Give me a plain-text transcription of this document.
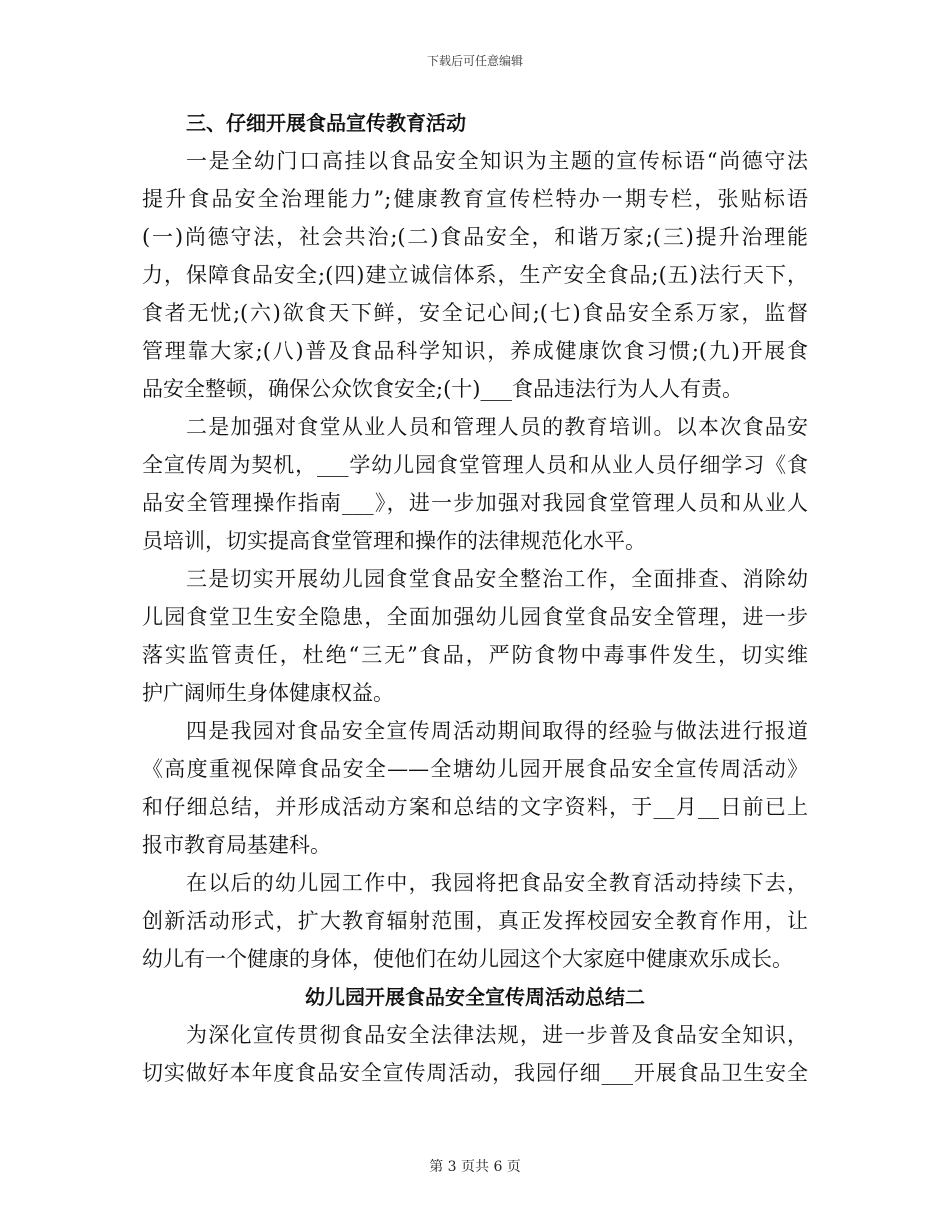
下载后可任意编辑
三、仔细开展食品宣传教育活动
一是全幼门口高挂以食品安全知识为主题的宣传标语“尚德守法
提升食品安全治理能力”;健康教育宣传栏特办一期专栏，张贴标语
(一)尚德守法，社会共治;(二)食品安全，和谐万家;(三)提升治理能
力，保障食品安全;(四)建立诚信体系，生产安全食品;(五)法行天下，
食者无忧;(六)欲食天下鲜，安全记心间;(七)食品安全系万家，监督
管理靠大家;(八)普及食品科学知识，养成健康饮食习惯;(九)开展食
品安全整顿，确保公众饮食安全;(十)___食品违法行为人人有责。
二是加强对食堂从业人员和管理人员的教育培训。以本次食品安
全宣传周为契机，___学幼儿园食堂管理人员和从业人员仔细学习《食
品安全管理操作指南___》，进一步加强对我园食堂管理人员和从业人
员培训，切实提高食堂管理和操作的法律规范化水平。
三是切实开展幼儿园食堂食品安全整治工作，全面排查、消除幼
儿园食堂卫生安全隐患，全面加强幼儿园食堂食品安全管理，进一步
落实监管责任，杜绝“三无”食品，严防食物中毒事件发生，切实维
护广阔师生身体健康权益。
四是我园对食品安全宣传周活动期间取得的经验与做法进行报道
《高度重视保障食品安全——全塘幼儿园开展食品安全宣传周活动》
和仔细总结，并形成活动方案和总结的文字资料，于__月__日前已上
报市教育局基建科。
在以后的幼儿园工作中，我园将把食品安全教育活动持续下去，
创新活动形式，扩大教育辐射范围，真正发挥校园安全教育作用，让
幼儿有一个健康的身体，使他们在幼儿园这个大家庭中健康欢乐成长。
幼儿园开展食品安全宣传周活动总结二
为深化宣传贯彻食品安全法律法规，进一步普及食品安全知识，
切实做好本年度食品安全宣传周活动，我园仔细___开展食品卫生安全
第 3 页共 6 页
